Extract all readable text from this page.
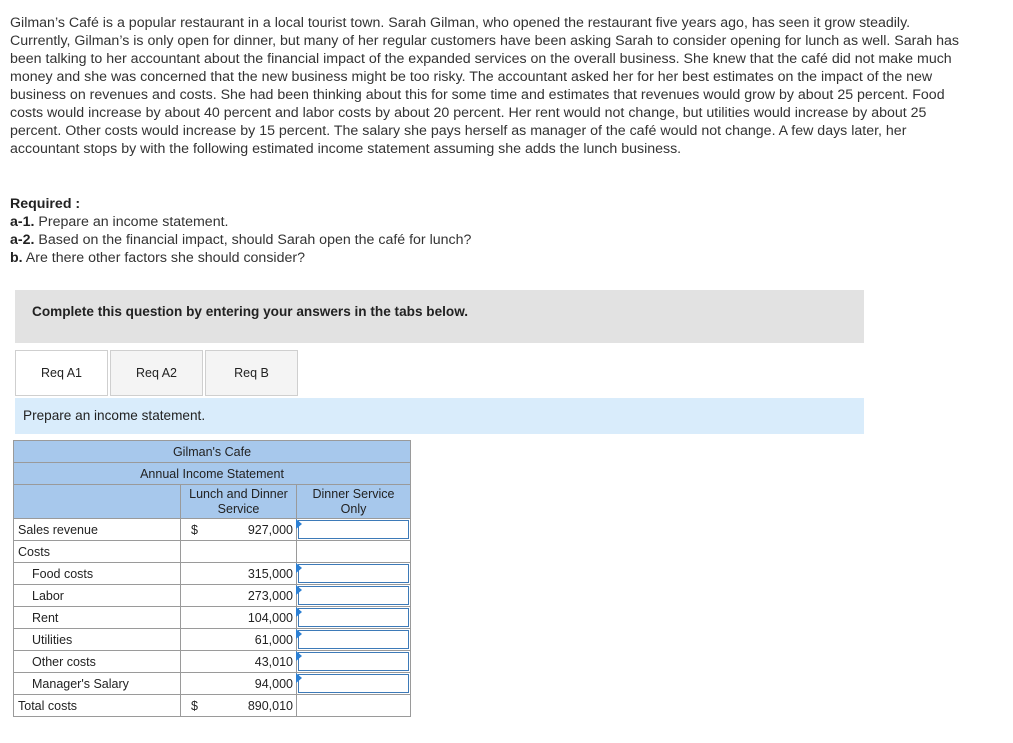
Gilman’s Café is a popular restaurant in a local tourist town. Sarah Gilman, who opened the restaurant five years ago, has seen it grow steadily. Currently, Gilman’s is only open for dinner, but many of her regular customers have been asking Sarah to consider opening for lunch as well. Sarah has been talking to her accountant about the financial impact of the expanded services on the overall business. She knew that the café did not make much money and she was concerned that the new business might be too risky. The accountant asked her for her best estimates on the impact of the new business on revenues and costs. She had been thinking about this for some time and estimates that revenues would grow by about 25 percent. Food costs would increase by about 40 percent and labor costs by about 20 percent. Her rent would not change, but utilities would increase by about 25 percent. Other costs would increase by 15 percent. The salary she pays herself as manager of the café would not change. A few days later, her accountant stops by with the following estimated income statement assuming she adds the lunch business.

Required :
a-1. Prepare an income statement.
a-2. Based on the financial impact, should Sarah open the café for lunch?
b. Are there other factors she should consider?
Complete this question by entering your answers in the tabs below.
Req A1	Req A2	Req B
Prepare an income statement.
Gilman's Cafe		
Annual Income Statement		
	Lunch and Dinner Service	Dinner Service Only
Sales revenue	$ 927,000

Costs		
Food costs	315,000

Labor	273,000

Rent	104,000

Utilities	61,000

Other costs	43,010

Manager's Salary	94,000

Total costs	$ 890,010	
